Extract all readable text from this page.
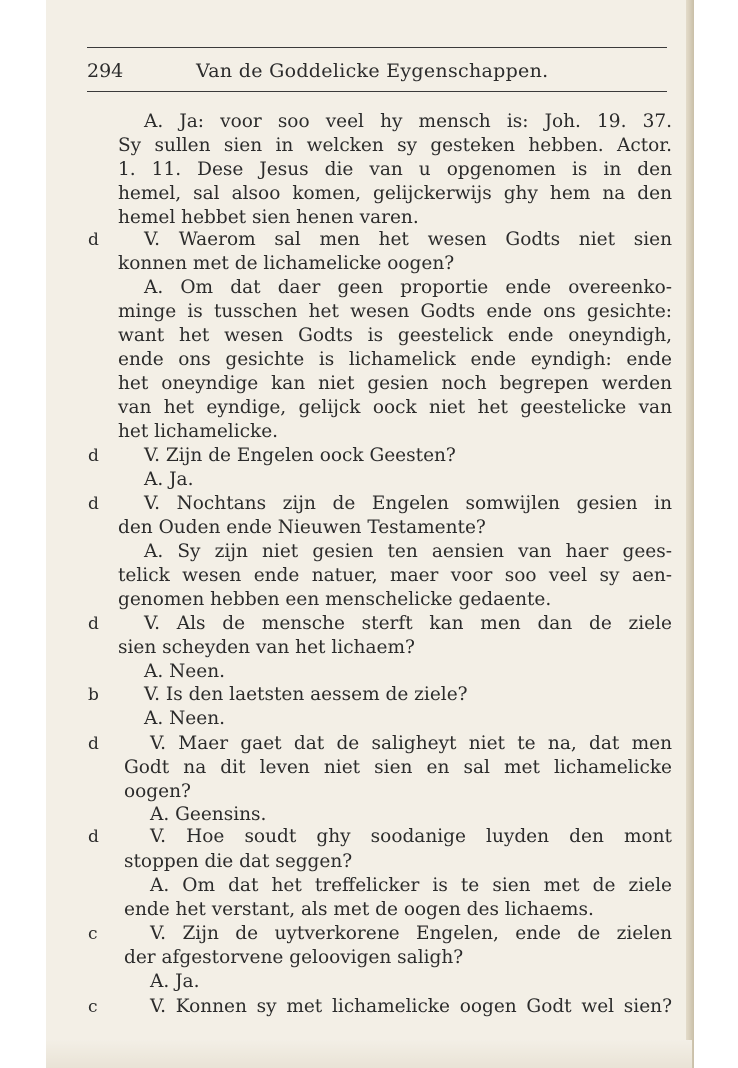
294	Van de Goddelicke Eygenschappen.
d
d
d
d
b
d
d
c
c
A. Ja: voor soo veel hy mensch is: Joh. 19. 37.
Sy sullen sien in welcken sy gesteken hebben. Actor.
1. 11. Dese Jesus die van u opgenomen is in den
hemel, sal alsoo komen, gelijckerwijs ghy hem na den
hemel hebbet sien henen varen.
V. Waerom sal men het wesen Godts niet sien
konnen met de lichamelicke oogen?
A. Om dat daer geen proportie ende overeenko-
minge is tusschen het wesen Godts ende ons gesichte:
want het wesen Godts is geestelick ende oneyndigh,
ende ons gesichte is lichamelick ende eyndigh: ende
het oneyndige kan niet gesien noch begrepen werden
van het eyndige, gelijck oock niet het geestelicke van
het lichamelicke.
V. Zijn de Engelen oock Geesten?
A. Ja.
V. Nochtans zijn de Engelen somwijlen gesien in
den Ouden ende Nieuwen Testamente?
A. Sy zijn niet gesien ten aensien van haer gees-
telick wesen ende natuer, maer voor soo veel sy aen-
genomen hebben een menschelicke gedaente.
V. Als de mensche sterft kan men dan de ziele
sien scheyden van het lichaem?
A. Neen.
V. Is den laetsten aessem de ziele?
A. Neen.
V. Maer gaet dat de saligheyt niet te na, dat men
Godt na dit leven niet sien en sal met lichamelicke
oogen?
A. Geensins.
V. Hoe soudt ghy soodanige luyden den mont
stoppen die dat seggen?
A. Om dat het treffelicker is te sien met de ziele
ende het verstant, als met de oogen des lichaems.
V. Zijn de uytverkorene Engelen, ende de zielen
der afgestorvene geloovigen saligh?
A. Ja.
V. Konnen sy met lichamelicke oogen Godt wel sien?
